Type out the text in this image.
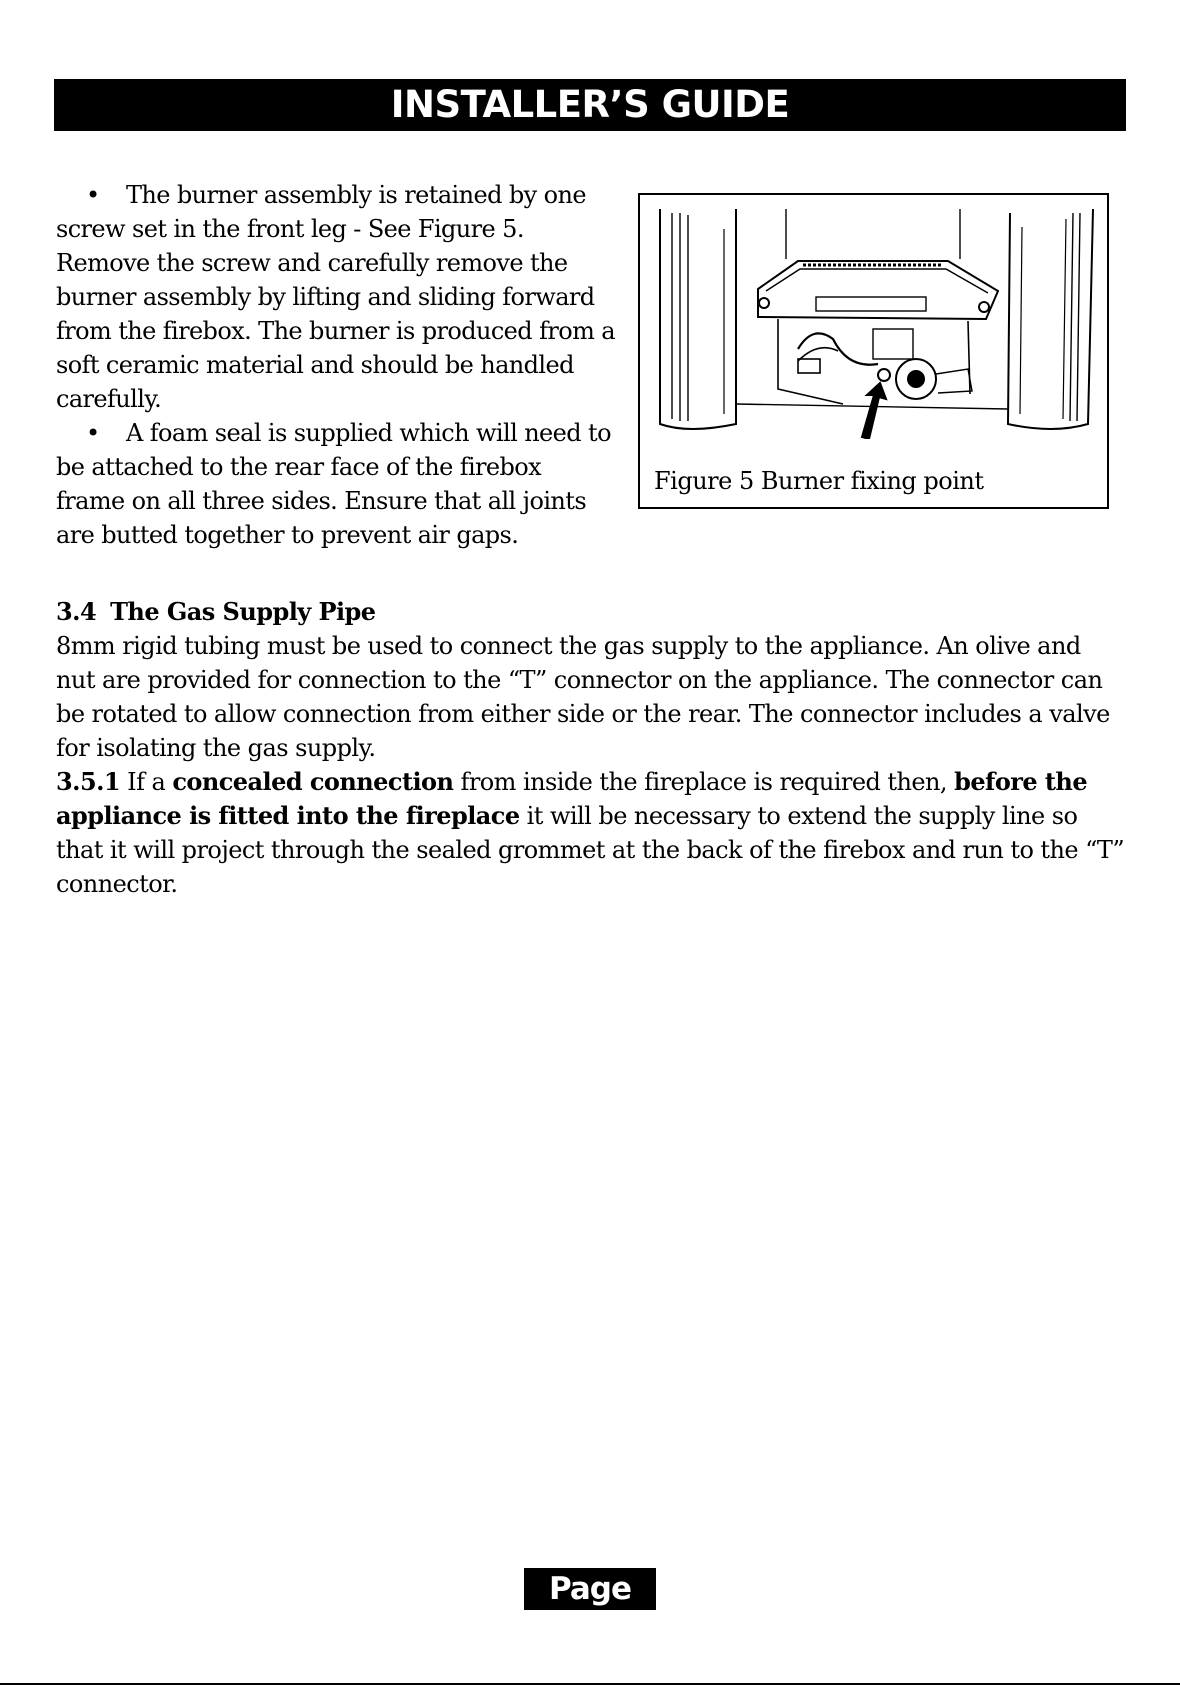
INSTALLER’S GUIDE

• The burner assembly is retained by one screw set in the front leg - See Figure 5. Remove the screw and carefully remove the burner assembly by lifting and sliding forward from the firebox. The burner is produced from a soft ceramic material and should be handled carefully.

• A foam seal is supplied which will need to be attached to the rear face of the firebox frame on all three sides. Ensure that all joints are butted together to prevent air gaps.

Figure 5 Burner fixing point
3.4 The Gas Supply Pipe

8mm rigid tubing must be used to connect the gas supply to the appliance. An olive and nut are provided for connection to the “T” connector on the appliance. The connector can be rotated to allow connection from either side or the rear. The connector includes a valve for isolating the gas supply.

3.5.1 If a concealed connection from inside the fireplace is required then, before the appliance is fitted into the fireplace it will be necessary to extend the supply line so that it will project through the sealed grommet at the back of the firebox and run to the “T” connector.

Page 10
